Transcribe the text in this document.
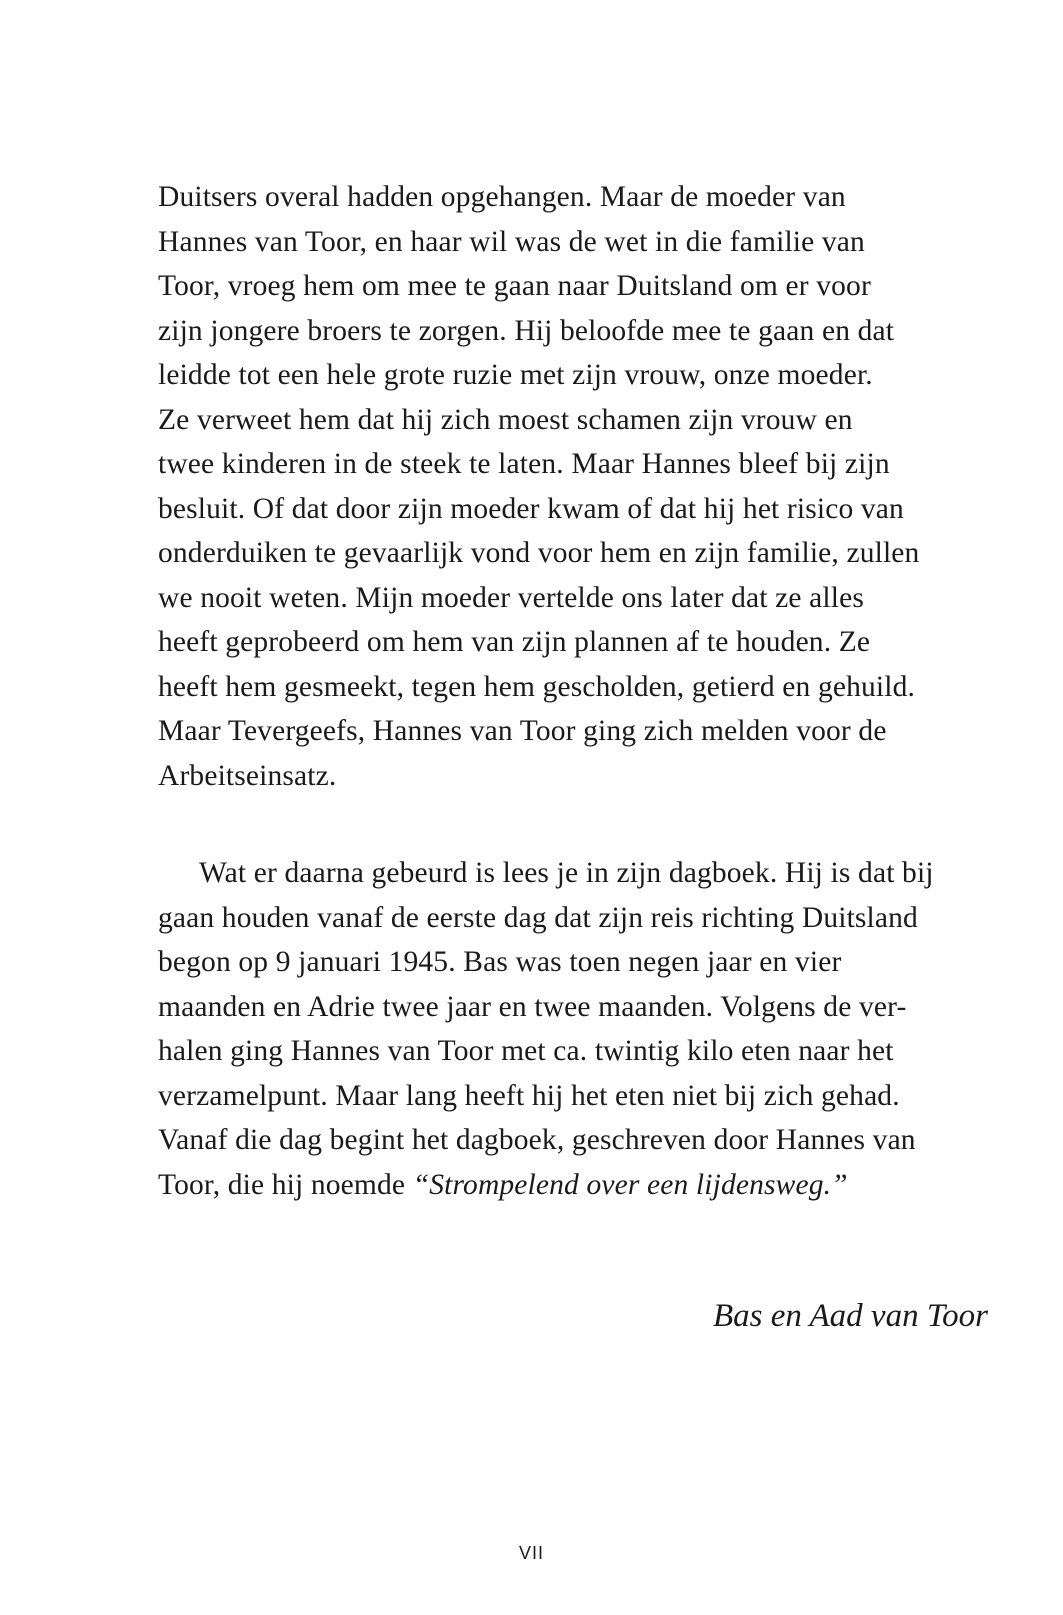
Duitsers overal hadden opgehangen. Maar de moeder van
Hannes van Toor, en haar wil was de wet in die familie van
Toor, vroeg hem om mee te gaan naar Duitsland om er voor
zijn jongere broers te zorgen. Hij beloofde mee te gaan en dat
leidde tot een hele grote ruzie met zijn vrouw, onze moeder.
Ze verweet hem dat hij zich moest schamen zijn vrouw en
twee kinderen in de steek te laten. Maar Hannes bleef bij zijn
besluit. Of dat door zijn moeder kwam of dat hij het risico van
onderduiken te gevaarlijk vond voor hem en zijn familie, zullen
we nooit weten. Mijn moeder vertelde ons later dat ze alles
heeft geprobeerd om hem van zijn plannen af te houden. Ze
heeft hem gesmeekt, tegen hem gescholden, getierd en gehuild.
Maar Tevergeefs, Hannes van Toor ging zich melden voor de
Arbeitseinsatz.
Wat er daarna gebeurd is lees je in zijn dagboek. Hij is dat bij
gaan houden vanaf de eerste dag dat zijn reis richting Duitsland
begon op 9 januari 1945. Bas was toen negen jaar en vier
maanden en Adrie twee jaar en twee maanden. Volgens de ver-
halen ging Hannes van Toor met ca. twintig kilo eten naar het
verzamelpunt. Maar lang heeft hij het eten niet bij zich gehad.
Vanaf die dag begint het dagboek, geschreven door Hannes van
Toor, die hij noemde “Strompelend over een lijdensweg.”
Bas en Aad van Toor
VII
